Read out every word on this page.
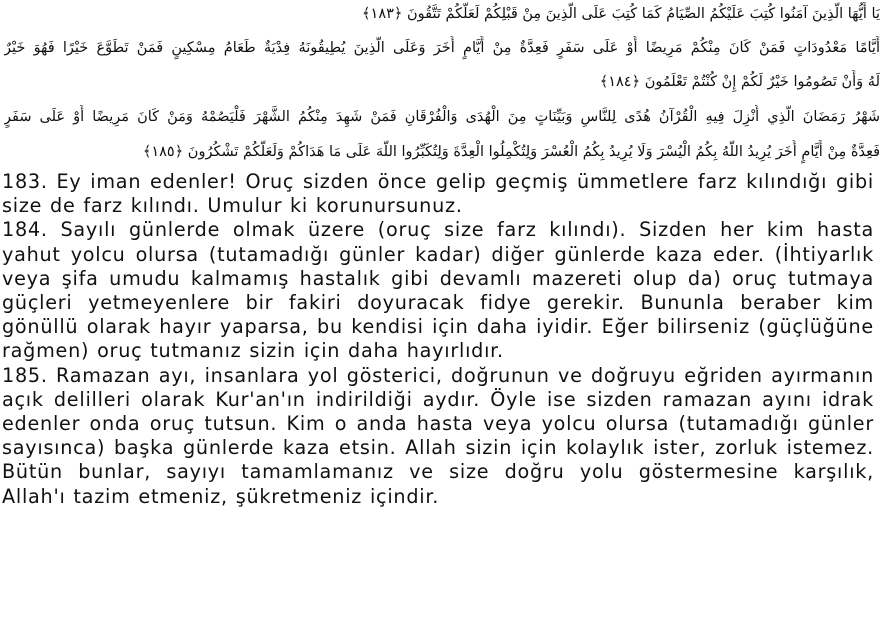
يَا أَيُّهَا الَّذِينَ آمَنُوا كُتِبَ عَلَيْكُمُ الصِّيَامُ كَمَا كُتِبَ عَلَى الَّذِينَ مِنْ قَبْلِكُمْ لَعَلَّكُمْ تَتَّقُونَ ﴿١٨٣﴾
أَيَّامًا مَعْدُودَاتٍ فَمَنْ كَانَ مِنْكُمْ مَرِيضًا أَوْ عَلَى سَفَرٍ فَعِدَّةٌ مِنْ أَيَّامٍ أُخَرَ وَعَلَى الَّذِينَ يُطِيقُونَهُ فِدْيَةٌ طَعَامُ مِسْكِينٍ فَمَنْ تَطَوَّعَ خَيْرًا فَهُوَ خَيْرٌ
لَهُ وَأَنْ تَصُومُوا خَيْرٌ لَكُمْ إِنْ كُنْتُمْ تَعْلَمُونَ ﴿١٨٤﴾
شَهْرُ رَمَضَانَ الَّذِي أُنْزِلَ فِيهِ الْقُرْآنُ هُدًى لِلنَّاسِ وَبَيِّنَاتٍ مِنَ الْهُدَى وَالْفُرْقَانِ فَمَنْ شَهِدَ مِنْكُمُ الشَّهْرَ فَلْيَصُمْهُ وَمَنْ كَانَ مَرِيضًا أَوْ عَلَى سَفَرٍ
فَعِدَّةٌ مِنْ أَيَّامٍ أُخَرَ يُرِيدُ اللَّهُ بِكُمُ الْيُسْرَ وَلَا يُرِيدُ بِكُمُ الْعُسْرَ وَلِتُكْمِلُوا الْعِدَّةَ وَلِتُكَبِّرُوا اللَّهَ عَلَى مَا هَدَاكُمْ وَلَعَلَّكُمْ تَشْكُرُونَ ﴿١٨٥﴾

183. Ey iman edenler! Oruç sizden önce gelip geçmiş ümmetlere farz kılındığı gibi size de farz kılındı. Umulur ki korunursunuz.

184. Sayılı günlerde olmak üzere (oruç size farz kılındı). Sizden her kim hasta yahut yolcu olursa (tutamadığı günler kadar) diğer günlerde kaza eder. (İhtiyarlık veya şifa umudu kalmamış hastalık gibi devamlı mazereti olup da) oruç tutmaya güçleri yetmeyenlere bir fakiri doyuracak fidye gerekir. Bununla beraber kim gönüllü olarak hayır yaparsa, bu kendisi için daha iyidir. Eğer bilirseniz (güçlüğüne rağmen) oruç tutmanız sizin için daha hayırlıdır.

185. Ramazan ayı, insanlara yol gösterici, doğrunun ve doğruyu eğriden ayırmanın açık delilleri olarak Kur'an'ın indirildiği aydır. Öyle ise sizden ramazan ayını idrak edenler onda oruç tutsun. Kim o anda hasta veya yolcu olursa (tutamadığı günler sayısınca) başka günlerde kaza etsin. Allah sizin için kolaylık ister, zorluk istemez. Bütün bunlar, sayıyı tamamlamanız ve size doğru yolu göstermesine karşılık, Allah'ı tazim etmeniz, şükretmeniz içindir.
